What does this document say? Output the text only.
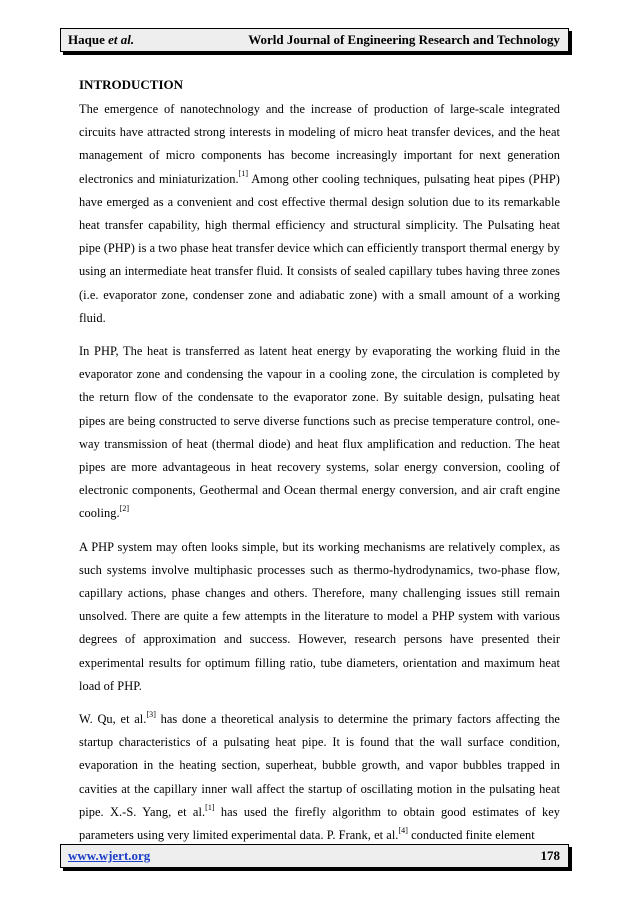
Haque et al.	World Journal of Engineering Research and Technology
INTRODUCTION

The emergence of nanotechnology and the increase of production of large-scale integrated circuits have attracted strong interests in modeling of micro heat transfer devices, and the heat management of micro components has become increasingly important for next generation electronics and miniaturization.[1] Among other cooling techniques, pulsating heat pipes (PHP) have emerged as a convenient and cost effective thermal design solution due to its remarkable heat transfer capability, high thermal efficiency and structural simplicity. The Pulsating heat pipe (PHP) is a two phase heat transfer device which can efficiently transport thermal energy by using an intermediate heat transfer fluid. It consists of sealed capillary tubes having three zones (i.e. evaporator zone, condenser zone and adiabatic zone) with a small amount of a working fluid.

In PHP, The heat is transferred as latent heat energy by evaporating the working fluid in the evaporator zone and condensing the vapour in a cooling zone, the circulation is completed by the return flow of the condensate to the evaporator zone. By suitable design, pulsating heat pipes are being constructed to serve diverse functions such as precise temperature control, one- way transmission of heat (thermal diode) and heat flux amplification and reduction. The heat pipes are more advantageous in heat recovery systems, solar energy conversion, cooling of electronic components, Geothermal and Ocean thermal energy conversion, and air craft engine cooling.[2]

A PHP system may often looks simple, but its working mechanisms are relatively complex, as such systems involve multiphasic processes such as thermo-hydrodynamics, two-phase flow, capillary actions, phase changes and others. Therefore, many challenging issues still remain unsolved. There are quite a few attempts in the literature to model a PHP system with various degrees of approximation and success. However, research persons have presented their experimental results for optimum filling ratio, tube diameters, orientation and maximum heat load of PHP.

W. Qu, et al.[3] has done a theoretical analysis to determine the primary factors affecting the startup characteristics of a pulsating heat pipe. It is found that the wall surface condition, evaporation in the heating section, superheat, bubble growth, and vapor bubbles trapped in cavities at the capillary inner wall affect the startup of oscillating motion in the pulsating heat pipe. X.-S. Yang, et al.[1] has used the firefly algorithm to obtain good estimates of key parameters using very limited experimental data. P. Frank, et al.[4] conducted finite element

www.wjert.org	178
